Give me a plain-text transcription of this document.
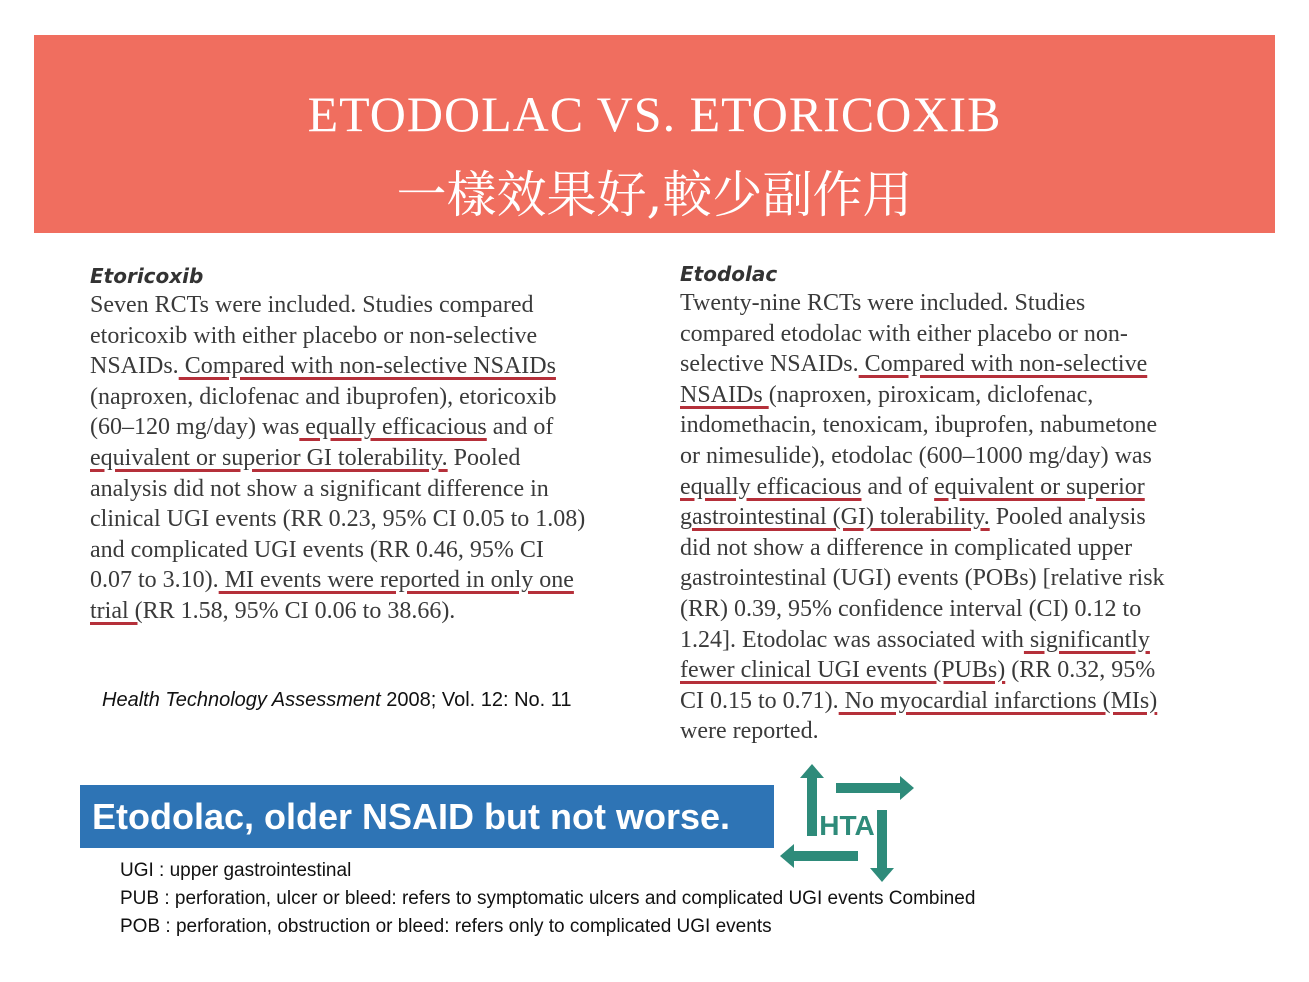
ETODOLAC VS. ETORICOXIB
一樣效果好,較少副作用
Etoricoxib
Seven RCTs were included. Studies compared
etoricoxib with either placebo or non-selective
NSAIDs. Compared with non-selective NSAIDs
(naproxen, diclofenac and ibuprofen), etoricoxib
(60–120 mg/day) was equally efficacious and of
equivalent or superior GI tolerability. Pooled
analysis did not show a significant difference in
clinical UGI events (RR 0.23, 95% CI 0.05 to 1.08)
and complicated UGI events (RR 0.46, 95% CI
0.07 to 3.10). MI events were reported in only one
trial (RR 1.58, 95% CI 0.06 to 38.66).
Etodolac
Twenty-nine RCTs were included. Studies
compared etodolac with either placebo or non-
selective NSAIDs. Compared with non-selective
NSAIDs (naproxen, piroxicam, diclofenac,
indomethacin, tenoxicam, ibuprofen, nabumetone
or nimesulide), etodolac (600–1000 mg/day) was
equally efficacious and of equivalent or superior
gastrointestinal (GI) tolerability. Pooled analysis
did not show a difference in complicated upper
gastrointestinal (UGI) events (POBs) [relative risk
(RR) 0.39, 95% confidence interval (CI) 0.12 to
1.24]. Etodolac was associated with significantly
fewer clinical UGI events (PUBs) (RR 0.32, 95%
CI 0.15 to 0.71). No myocardial infarctions (MIs)
were reported.
Health Technology Assessment 2008; Vol. 12: No. 11
Etodolac, older NSAID but not worse.	HTA
UGI : upper gastrointestinal
PUB : perforation, ulcer or bleed: refers to symptomatic ulcers and complicated UGI events Combined
POB : perforation, obstruction or bleed: refers only to complicated UGI events
